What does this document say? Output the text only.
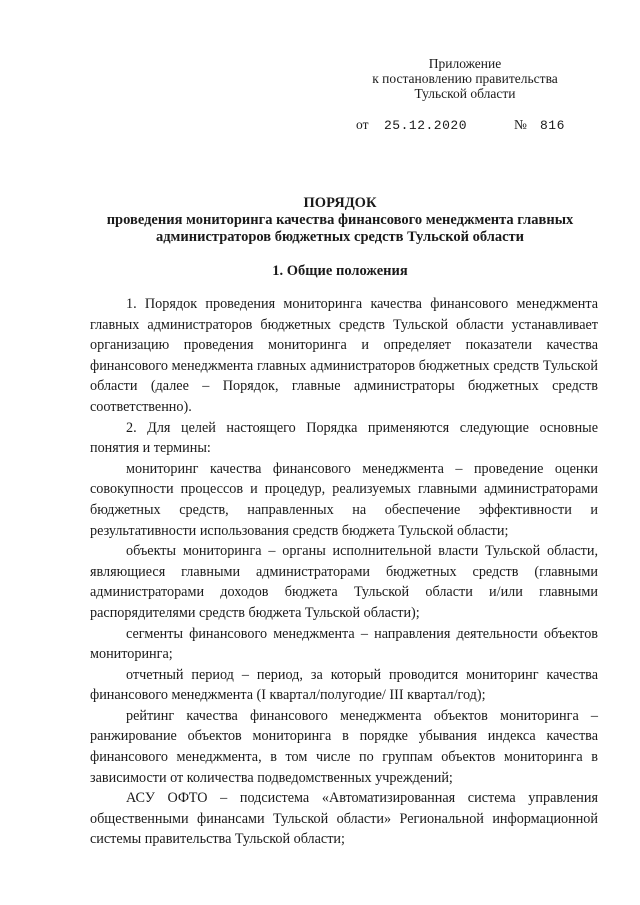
Приложение
к постановлению правительства
Тульской области
от 25.12.2020	№ 816
ПОРЯДОК
проведения мониторинга качества финансового менеджмента главных
администраторов бюджетных средств Тульской области
1. Общие положения

1. Порядок проведения мониторинга качества финансового менеджмента главных администраторов бюджетных средств Тульской области устанавливает организацию проведения мониторинга и определяет показатели качества финансового менеджмента главных администраторов бюджетных средств Тульской области (далее – Порядок, главные администраторы бюджетных средств соответственно).

2. Для целей настоящего Порядка применяются следующие основные понятия и термины:

мониторинг качества финансового менеджмента – проведение оценки совокупности процессов и процедур, реализуемых главными администраторами бюджетных средств, направленных на обеспечение эффективности и результативности использования средств бюджета Тульской области;

объекты мониторинга – органы исполнительной власти Тульской области, являющиеся главными администраторами бюджетных средств (главными администраторами доходов бюджета Тульской области и/или главными распорядителями средств бюджета Тульской области);

сегменты финансового менеджмента – направления деятельности объектов мониторинга;

отчетный период – период, за который проводится мониторинг качества финансового менеджмента (I квартал/полугодие/ III квартал/год);

рейтинг качества финансового менеджмента объектов мониторинга – ранжирование объектов мониторинга в порядке убывания индекса качества финансового менеджмента, в том числе по группам объектов мониторинга в зависимости от количества подведомственных учреждений;

АСУ ОФТО – подсистема «Автоматизированная система управления общественными финансами Тульской области» Региональной информационной системы правительства Тульской области;
